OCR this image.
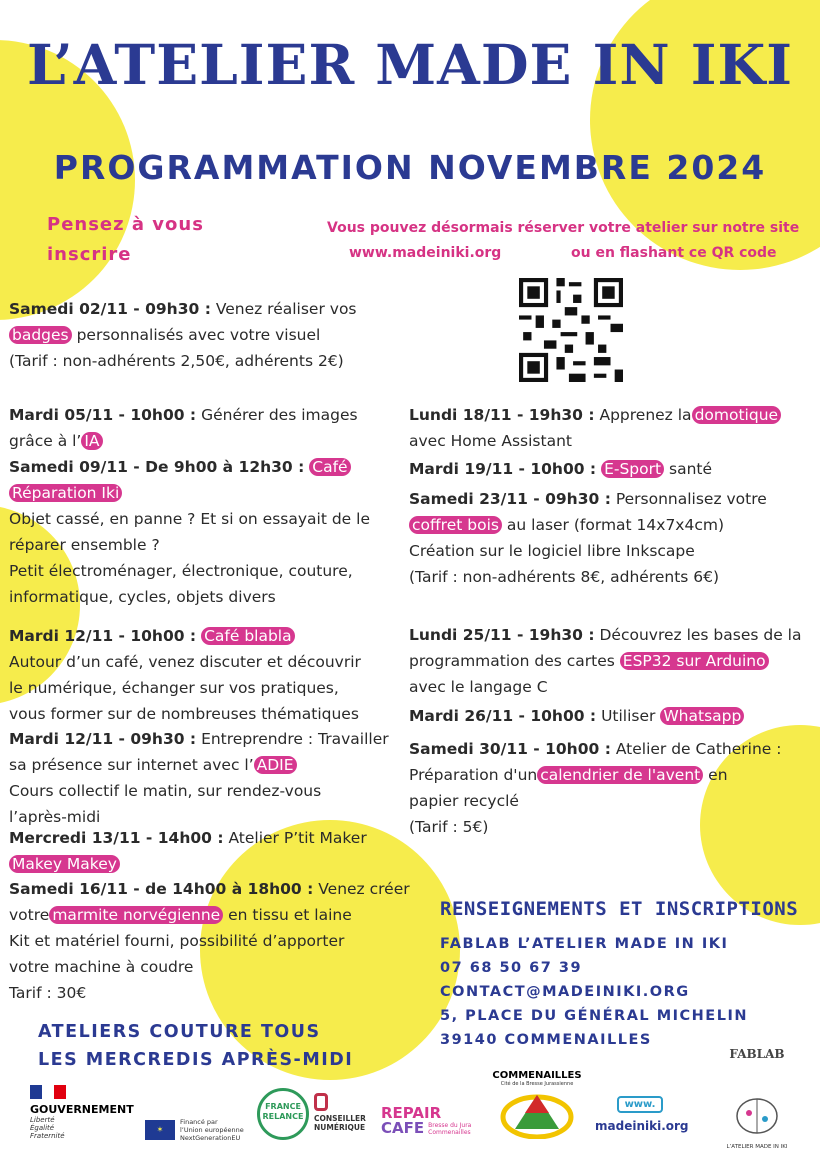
L’ATELIER MADE IN IKI
PROGRAMMATION NOVEMBRE 2024
Pensez à vous
inscrire
Vous pouvez désormais réserver votre atelier sur notre site
www.madeiniki.org	ou en flashant ce QR code
Samedi 02/11 - 09h30 : Venez réaliser vos
badges personnalisés avec votre visuel
(Tarif : non-adhérents 2,50€, adhérents 2€)
Mardi 05/11 - 10h00 : Générer des images
grâce à l’ IA
Samedi 09/11 - De 9h00 à 12h30 : Café
Réparation Iki
Objet cassé, en panne ? Et si on essayait de le
réparer ensemble ?
Petit électroménager, électronique, couture,
informatique, cycles, objets divers
Mardi 12/11 - 10h00 : Café blabla
Autour d’un café, venez discuter et découvrir
le numérique, échanger sur vos pratiques,
vous former sur de nombreuses thématiques
Mardi 12/11 - 09h30 : Entreprendre : Travailler
sa présence sur internet avec l’ ADIE
Cours collectif le matin, sur rendez-vous
l’après-midi
Mercredi 13/11 - 14h00 : Atelier P’tit Maker
Makey Makey
Samedi 16/11 - de 14h00 à 18h00 : Venez créer
votre marmite norvégienne en tissu et laine
Kit et matériel fourni, possibilité d’apporter
votre machine à coudre
Tarif : 30€
Lundi 18/11 - 19h30 : Apprenez la domotique
avec Home Assistant
Mardi 19/11 - 10h00 : E-Sport santé
Samedi 23/11 - 09h30 : Personnalisez votre
coffret bois au laser (format 14x7x4cm)
Création sur le logiciel libre Inkscape
(Tarif : non-adhérents 8€, adhérents 6€)
Lundi 25/11 - 19h30 : Découvrez les bases de la
programmation des cartes ESP32 sur Arduino
avec le langage C
Mardi 26/11 - 10h00 : Utiliser Whatsapp
Samedi 30/11 - 10h00 : Atelier de Catherine :
Préparation d'un calendrier de l'avent en
papier recyclé
(Tarif : 5€)
RENSEIGNEMENTS ET INSCRIPTIONS
FABLAB L’ATELIER MADE IN IKI
07 68 50 67 39
CONTACT@MADEINIKI.ORG
5, PLACE DU GÉNÉRAL MICHELIN
39140 COMMENAILLES
ATELIERS COUTURE TOUS
LES MERCREDIS APRÈS-MIDI
GOUVERNEMENT
Liberté
Égalité
Fraternité
✶
Financé par
l’Union européenne
NextGenerationEU
FRANCE RELANCE	CONSEILLER
NUMÉRIQUE
REPAIR
CAFE Bresse du Jura Commenailles
COMMENAILLES
Cité de la Bresse Jurassienne
www.
madeiniki.org
FABLAB
L’ATELIER MADE IN IKI
